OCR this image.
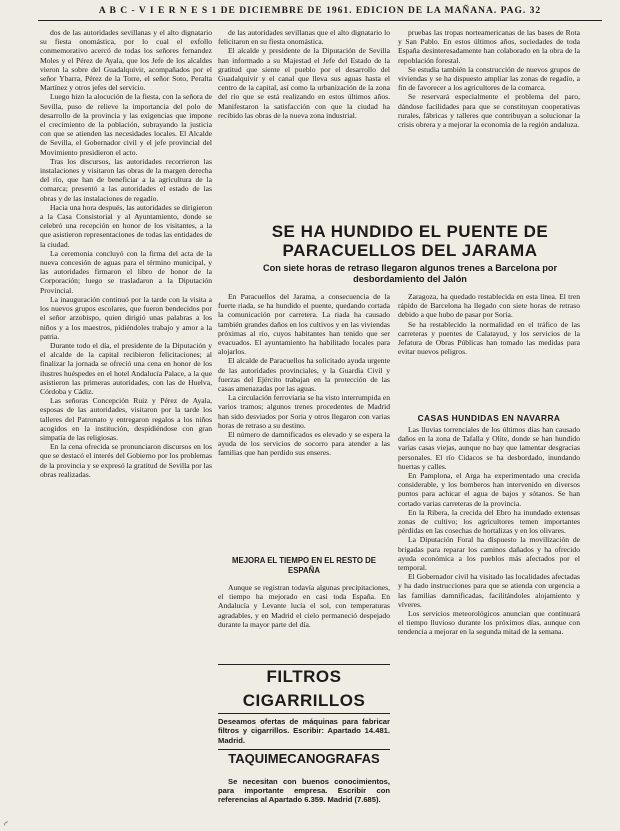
A B C - V I E R N E S 1 DE DICIEMBRE DE 1961. EDICION DE LA MAÑANA. PAG. 32

dos de las autoridades sevillanas y el alto dignatario su fiesta onomástica, por lo cual el exfollo conmemorativo acercó de todas los señores fernandez Moles y el Pérez de Ayala, que los Jefe de los alcaldes vieron la sobre del Guadalquivir, acompañados por el señor Ybarra, Pérez de la Torre, el señor Soto, Peralta Martínez y otros jefes del servicio.

Luego hizo la alocución de la fiesta, con la señora de Sevilla, puso de relieve la importancia del polo de desarrollo de la provincia y las exigencias que impone el crecimiento de la población, subrayando la justicia con que se atienden las necesidades locales. El Alcalde de Sevilla, el Gobernador civil y el jefe provincial del Movimiento presidieron el acto.

Tras los discursos, las autoridades recorrieron las instalaciones y visitaron las obras de la margen derecha del río, que han de beneficiar a la agricultura de la comarca; presentó a las autoridades el estado de las obras y de las instalaciones de regadío.

Hacia una hora después, las autoridades se dirigieron a la Casa Consistorial y al Ayuntamiento, donde se celebró una recepción en honor de los visitantes, a la que asistieron representaciones de todas las entidades de la ciudad.

La ceremonia concluyó con la firma del acta de la nueva concesión de aguas para el término municipal, y las autoridades firmaron el libro de honor de la Corporación; luego se trasladaron a la Diputación Provincial.

La inauguración continuó por la tarde con la visita a los nuevos grupos escolares, que fueron bendecidos por el señor arzobispo, quien dirigió unas palabras a los niños y a los maestros, pidiéndoles trabajo y amor a la patria.

Durante todo el día, el presidente de la Diputación y el alcalde de la capital recibieron felicitaciones; al finalizar la jornada se ofreció una cena en honor de los ilustres huéspedes en el hotel Andalucía Palace, a la que asistieron las primeras autoridades, con las de Huelva, Córdoba y Cádiz.

Las señoras Concepción Ruiz y Pérez de Ayala, esposas de las autoridades, visitaron por la tarde los talleres del Patronato y entregaron regalos a los niños acogidos en la institución, despidiéndose con gran simpatía de las religiosas.

En la cena ofrecida se pronunciaron discursos en los que se destacó el interés del Gobierno por los problemas de la provincia y se expresó la gratitud de Sevilla por las obras realizadas.

de las autoridades sevillanas que el alto dignatario lo felicitaron en su fiesta onomástica.

El alcalde y presidente de la Diputación de Sevilla han informado a su Majestad el Jefe del Estado de la gratitud que siente el pueblo por el desarrollo del Guadalquivir y el canal que lleva sus aguas hasta el centro de la capital, así como la urbanización de la zona del río que se está realizando en estos últimos años. Manifestaron la satisfacción con que la ciudad ha recibido las obras de la nueva zona industrial.

pruebas las tropas norteamericanas de las bases de Rota y San Pablo. En estos últimos años, sociedades de toda España desinteresadamente han colaborado en la obra de la repoblación forestal.

Se estudia también la construcción de nuevos grupos de viviendas y se ha dispuesto ampliar las zonas de regadío, a fin de favorecer a los agricultores de la comarca.

Se reservará especialmente el problema del paro, dándose facilidades para que se constituyan cooperativas rurales, fábricas y talleres que contribuyan a solucionar la crisis obrera y a mejorar la economía de la región andaluza.

SE HA HUNDIDO EL PUENTE DE PARACUELLOS DEL JARAMA
Con siete horas de retraso llegaron algunos trenes a Barcelona por desbordamiento del Jalón

En Paracuellos del Jarama, a consecuencia de la fuerte riada, se ha hundido el puente, quedando cortada la comunicación por carretera. La riada ha causado también grandes daños en los cultivos y en las viviendas próximas al río, cuyos habitantes han tenido que ser evacuados. El ayuntamiento ha habilitado locales para alojarlos.

El alcalde de Paracuellos ha solicitado ayuda urgente de las autoridades provinciales, y la Guardia Civil y fuerzas del Ejército trabajan en la protección de las casas amenazadas por las aguas.

La circulación ferroviaria se ha visto interrumpida en varios tramos; algunos trenes procedentes de Madrid han sido desviados por Soria y otros llegaron con varias horas de retraso a su destino.

El número de damnificados es elevado y se espera la ayuda de los servicios de socorro para atender a las familias que han perdido sus enseres.

Zaragoza, ha quedado restablecida en esta línea. El tren rápido de Barcelona ha llegado con siete horas de retraso debido a que hubo de pasar por Soria.

Se ha restablecido la normalidad en el tráfico de las carreteras y puentes de Calatayud, y los servicios de la Jefatura de Obras Públicas han tomado las medidas para evitar nuevos peligros.

CASAS HUNDIDAS EN NAVARRA

Las lluvias torrenciales de los últimos días han causado daños en la zona de Tafalla y Olite, donde se han hundido varias casas viejas, aunque no hay que lamentar desgracias personales. El río Cidacos se ha desbordado, inundando huertas y calles.

En Pamplona, el Arga ha experimentado una crecida considerable, y los bomberos han intervenido en diversos puntos para achicar el agua de bajos y sótanos. Se han cortado varias carreteras de la provincia.

En la Ribera, la crecida del Ebro ha inundado extensas zonas de cultivo; los agricultores temen importantes pérdidas en las cosechas de hortalizas y en los olivares.

La Diputación Foral ha dispuesto la movilización de brigadas para reparar los caminos dañados y ha ofrecido ayuda económica a los pueblos más afectados por el temporal.

El Gobernador civil ha visitado las localidades afectadas y ha dado instrucciones para que se atienda con urgencia a las familias damnificadas, facilitándoles alojamiento y víveres.

Los servicios meteorológicos anuncian que continuará el tiempo lluvioso durante los próximos días, aunque con tendencia a mejorar en la segunda mitad de la semana.

MEJORA EL TIEMPO EN EL RESTO DE ESPAÑA

Aunque se registran todavía algunas precipitaciones, el tiempo ha mejorado en casi toda España. En Andalucía y Levante lucía el sol, con temperaturas agradables, y en Madrid el cielo permaneció despejado durante la mayor parte del día.

FILTROS CIGARRILLOS
Deseamos ofertas de máquinas para fabricar filtros y cigarrillos. Escribir: Apartado 14.481. Madrid.
TAQUIMECANOGRAFAS

Se necesitan con buenos conocimientos, para importante empresa. Escribir con referencias al Apartado 6.359. Madrid (7.685).

◜
